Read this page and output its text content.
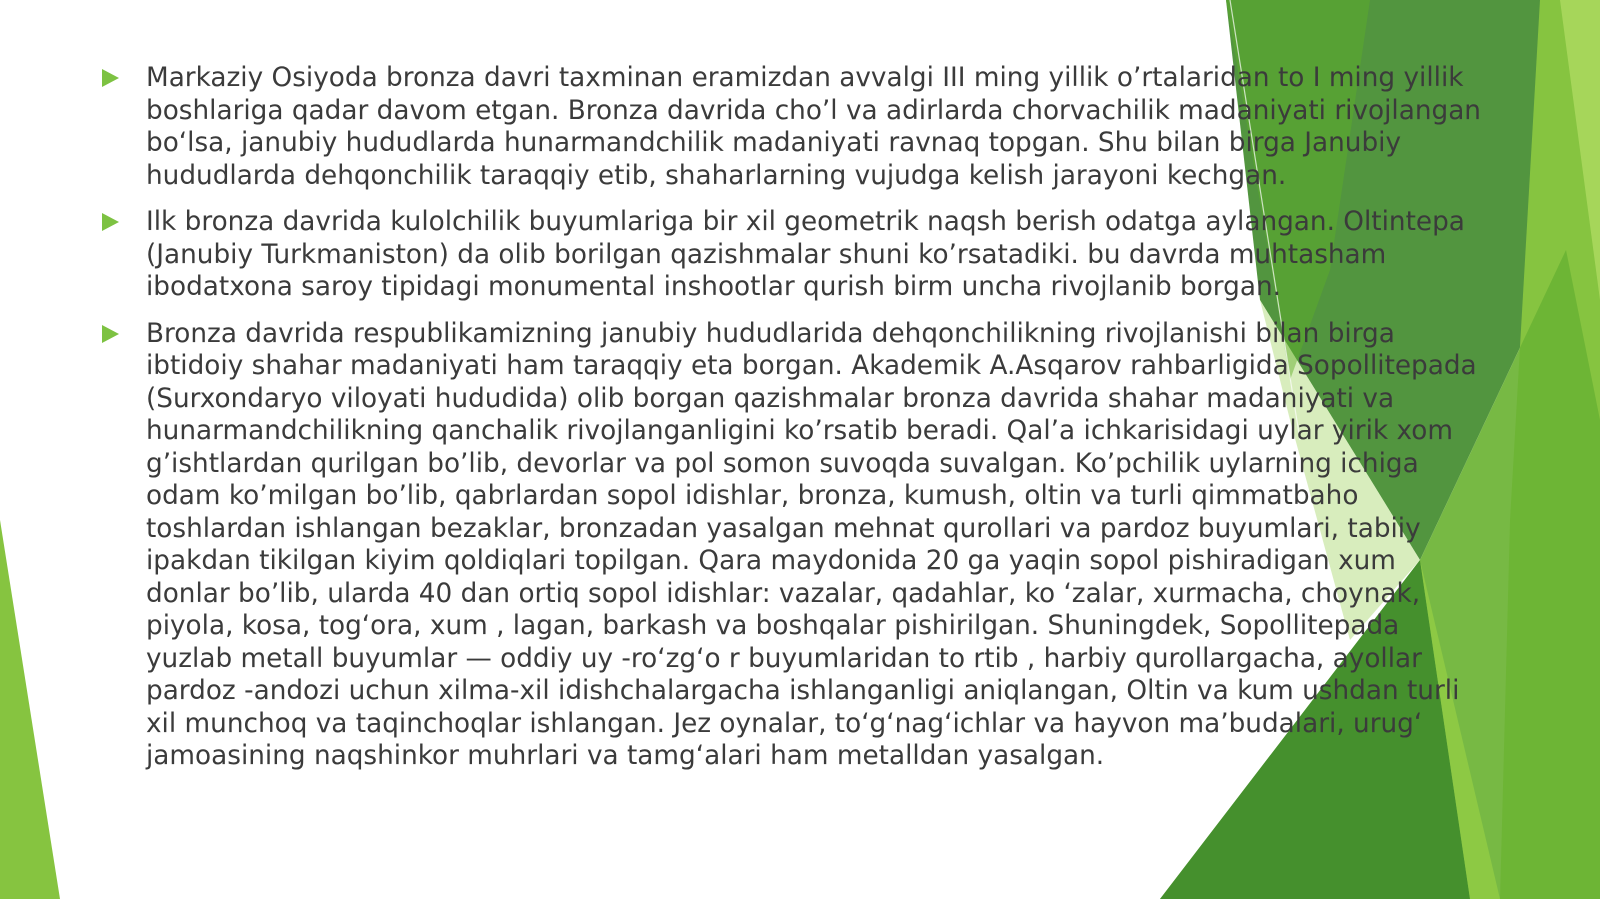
Markaziy Osiyoda bronza davri taxminan eramizdan avvalgi III ming yillik o’rtalaridan to I ming yillik boshlariga qadar davom etgan. Bronza davrida cho’l va adirlarda chorvachilik madaniyati rivojlangan bo‘lsa, janubiy hududlarda hunarmandchilik madaniyati ravnaq topgan. Shu bilan birga Janubiy hududlarda dehqonchilik taraqqiy etib, shaharlarning vujudga kelish jarayoni kechgan.

Ilk bronza davrida kulolchilik buyumlariga bir xil geometrik naqsh berish odatga aylangan. Oltintepa (Janubiy Turkmaniston) da olib borilgan qazishmalar shuni ko’rsatadiki. bu davrda muhtasham ibodatxona saroy tipidagi monumental inshootlar qurish birm uncha rivojlanib borgan.

Bronza davrida respublikamizning janubiy hududlarida dehqonchilikning rivojlanishi bilan birga ibtidoiy shahar madaniyati ham taraqqiy eta borgan. Akademik A.Asqarov rahbarligida Sopollitepada (Surxondaryo viloyati hududida) olib borgan qazishmalar bronza davrida shahar madaniyati va hunarmandchilikning qanchalik rivojlanganligini ko’rsatib beradi. Qal’a ichkarisidagi uylar yirik xom g’ishtlardan qurilgan bo’lib, devorlar va pol somon suvoqda suvalgan. Ko’pchilik uylarning ichiga odam ko’milgan bo’lib, qabrlardan sopol idishlar, bronza, kumush, oltin va turli qimmatbaho toshlardan ishlangan bezaklar, bronzadan yasalgan mehnat qurollari va pardoz buyumlari, tabiiy ipakdan tikilgan kiyim qoldiqlari topilgan. Qara maydonida 20 ga yaqin sopol pishiradigan xum donlar bo’lib, ularda 40 dan ortiq sopol idishlar: vazalar, qadahlar, ko ‘zalar, xurmacha, choynak, piyola, kosa, tog‘ora, xum , lagan, barkash va boshqalar pishirilgan. Shuningdek, Sopollitepada yuzlab metall buyumlar — oddiy uy -ro‘zg‘o r buyumlaridan to rtib , harbiy qurollargacha, ayollar pardoz -andozi uchun xilma-xil idishchalargacha ishlanganligi aniqlangan, Oltin va kum ushdan turli xil munchoq va taqinchoqlar ishlangan. Jez oynalar, to‘g‘nag‘ichlar va hayvon ma’budalari, urug‘ jamoasining naqshinkor muhrlari va tamg‘alari ham metalldan yasalgan.
